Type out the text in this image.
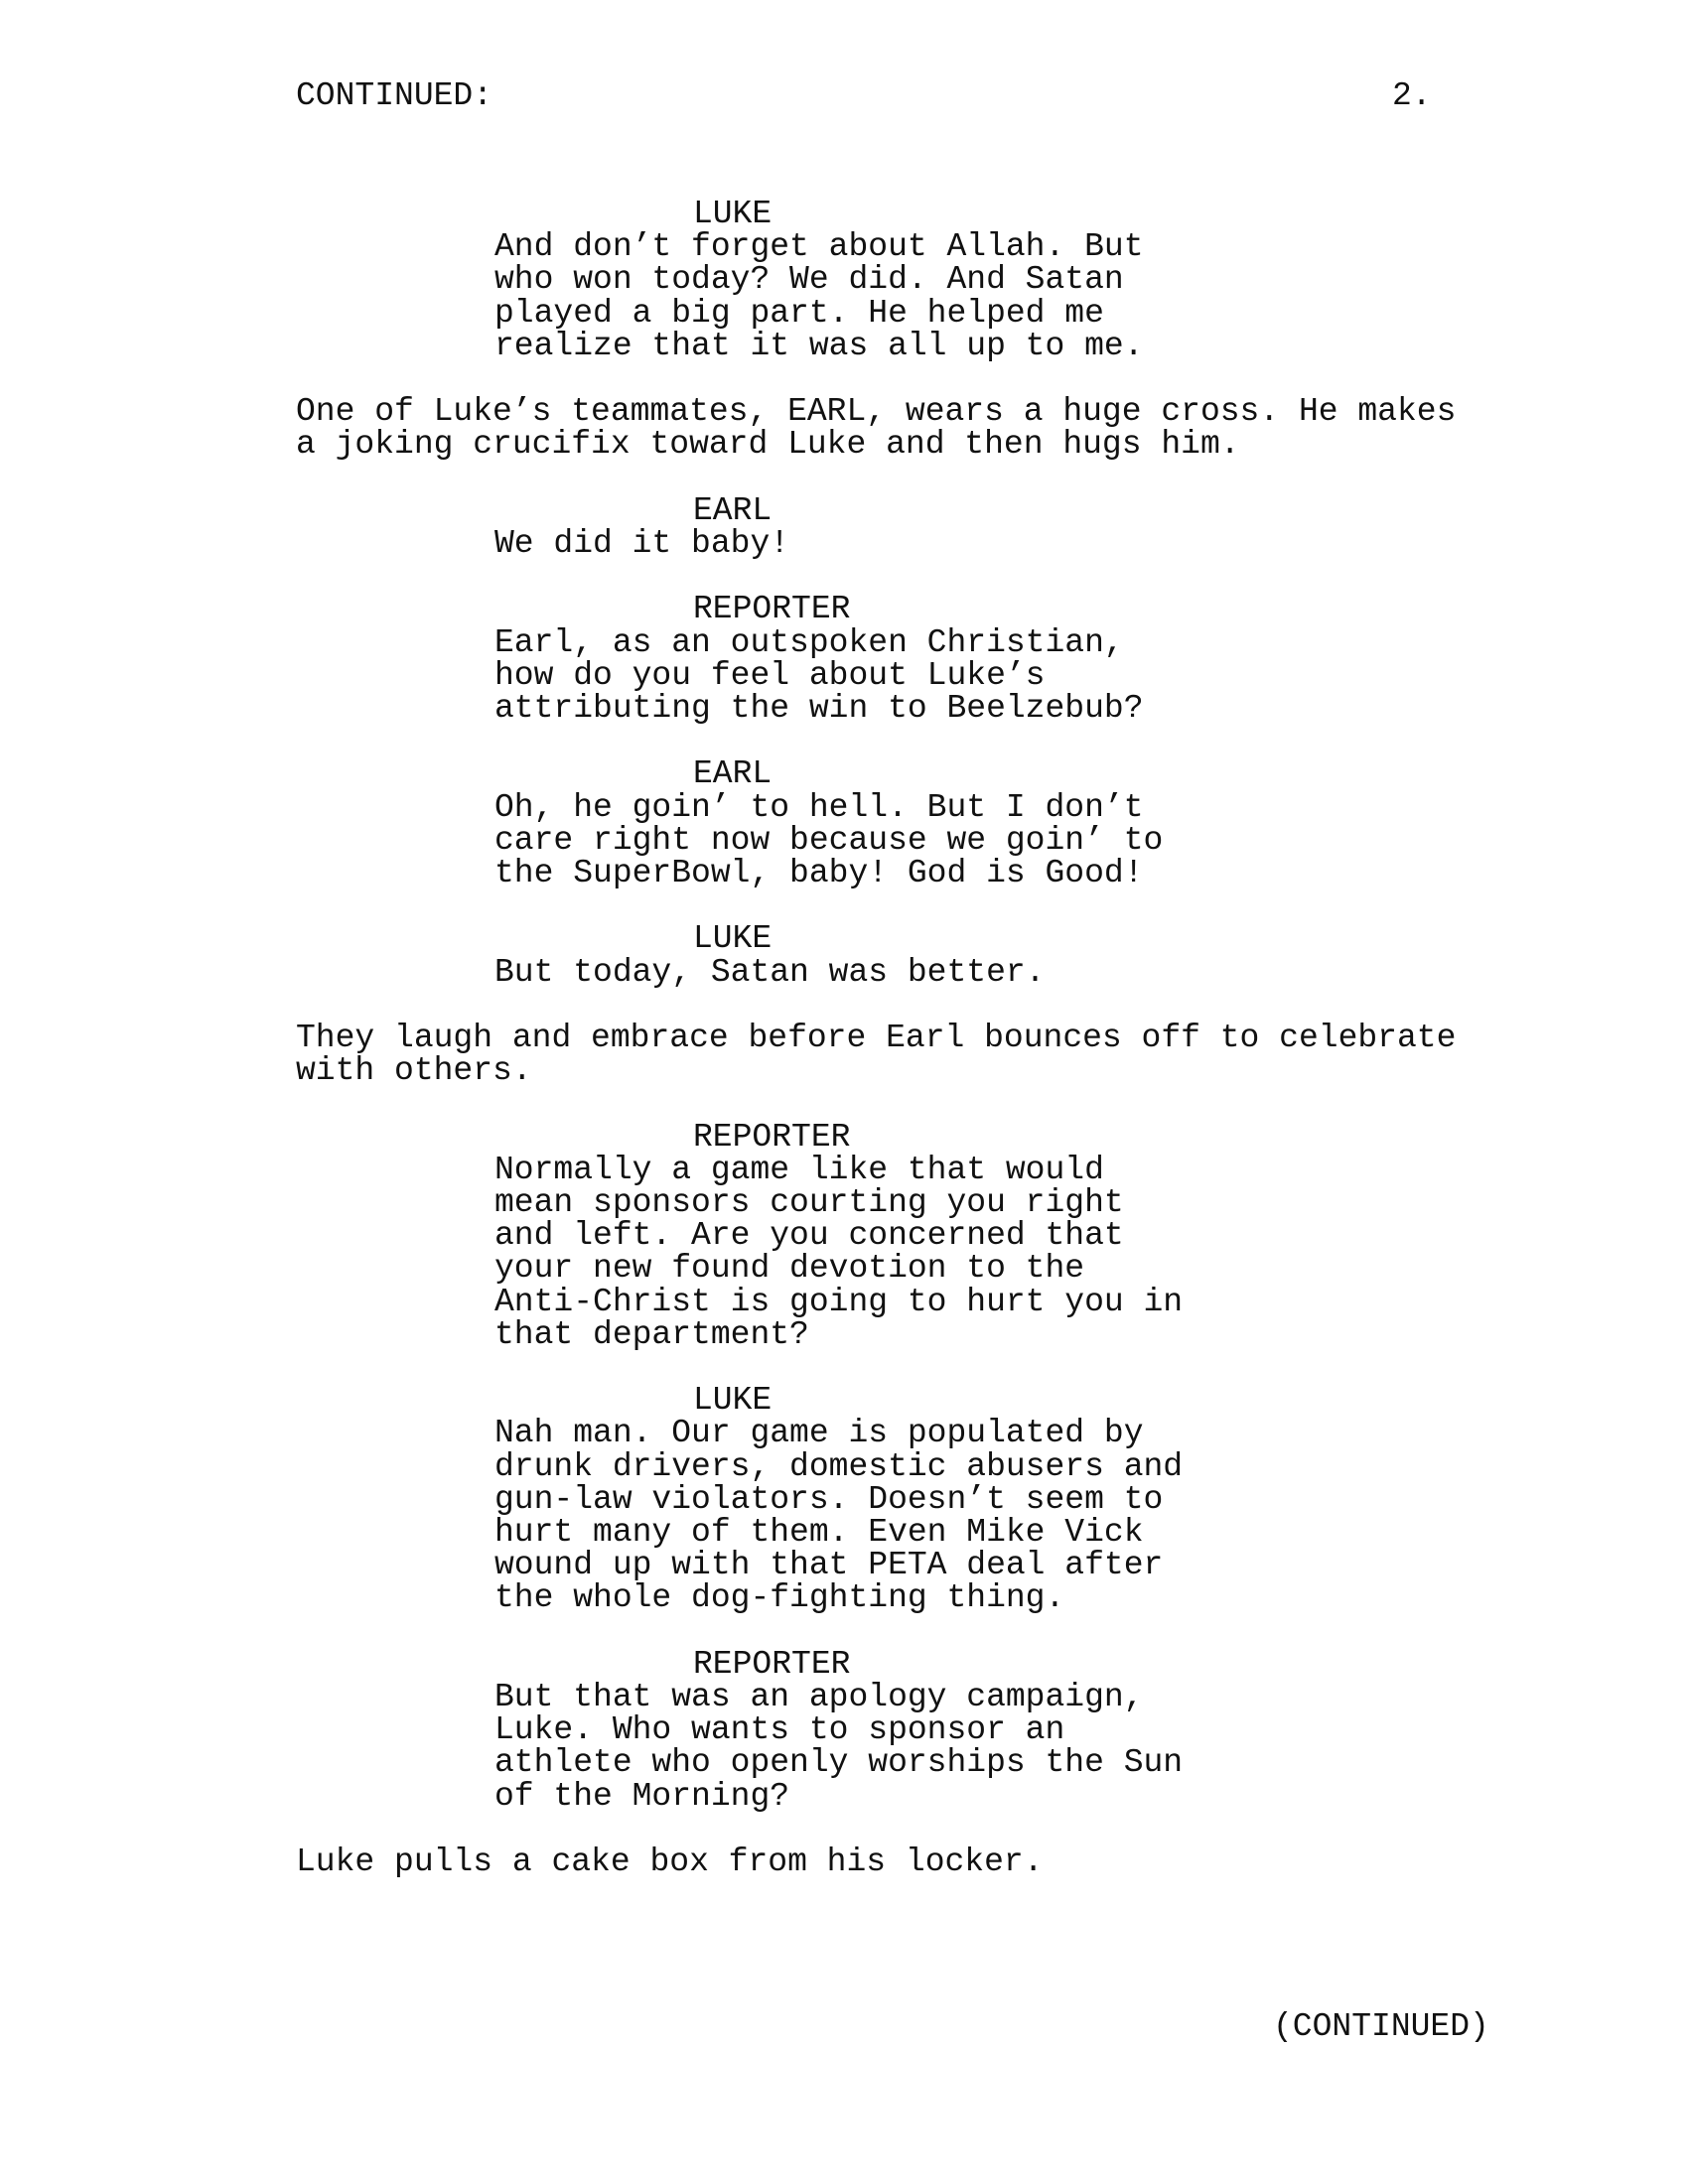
CONTINUED:	2.
LUKE
And don’t forget about Allah. But
who won today? We did. And Satan
played a big part. He helped me
realize that it was all up to me.

One of Luke’s teammates, EARL, wears a huge cross. He makes
a joking crucifix toward Luke and then hugs him.

EARL
We did it baby!
REPORTER
Earl, as an outspoken Christian,
how do you feel about Luke’s
attributing the win to Beelzebub?
EARL
Oh, he goin’ to hell. But I don’t
care right now because we goin’ to
the SuperBowl, baby! God is Good!
LUKE
But today, Satan was better.

They laugh and embrace before Earl bounces off to celebrate
with others.

REPORTER
Normally a game like that would
mean sponsors courting you right
and left. Are you concerned that
your new found devotion to the
Anti-Christ is going to hurt you in
that department?
LUKE
Nah man. Our game is populated by
drunk drivers, domestic abusers and
gun-law violators. Doesn’t seem to
hurt many of them. Even Mike Vick
wound up with that PETA deal after
the whole dog-fighting thing.
REPORTER
But that was an apology campaign,
Luke. Who wants to sponsor an
athlete who openly worships the Sun
of the Morning?

Luke pulls a cake box from his locker.

(CONTINUED)
